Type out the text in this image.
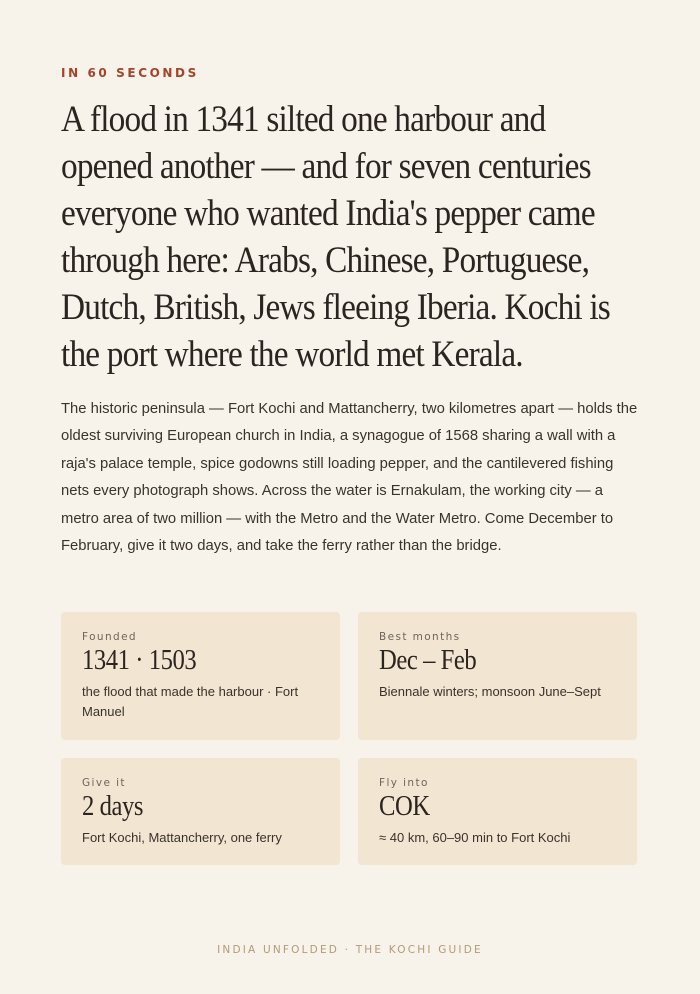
IN 60 SECONDS
A flood in 1341 silted one harbour and opened another — and for seven centuries everyone who wanted India's pepper came through here: Arabs, Chinese, Portuguese, Dutch, British, Jews fleeing Iberia. Kochi is the port where the world met Kerala.

The historic peninsula — Fort Kochi and Mattancherry, two kilometres apart — holds the oldest surviving European church in India, a synagogue of 1568 sharing a wall with a raja's palace temple, spice godowns still loading pepper, and the cantilevered fishing nets every photograph shows. Across the water is Ernakulam, the working city — a metro area of two million — with the Metro and the Water Metro. Come December to February, give it two days, and take the ferry rather than the bridge.

Founded
1341 · 1503
the flood that made the harbour · Fort Manuel
Best months
Dec – Feb
Biennale winters; monsoon June–Sept
Give it
2 days
Fort Kochi, Mattancherry, one ferry
Fly into
COK
≈ 40 km, 60–90 min to Fort Kochi
INDIA UNFOLDED · THE KOCHI GUIDE
